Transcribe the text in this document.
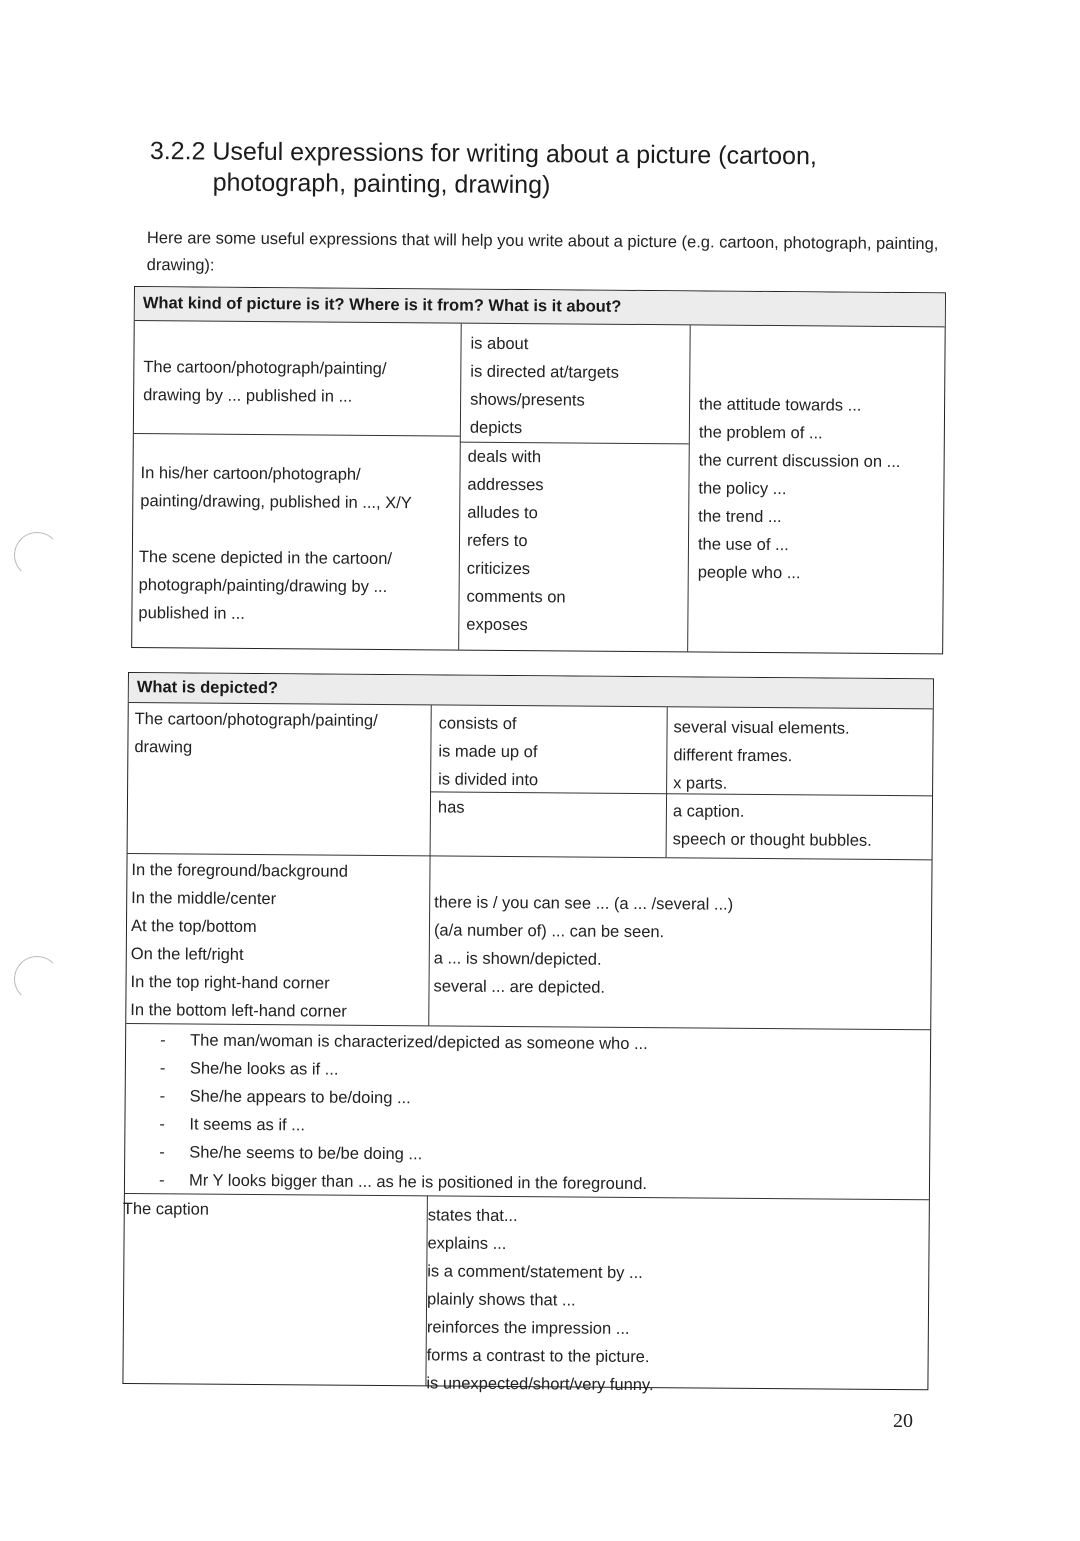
3.2.2 Useful expressions for writing about a picture (cartoon,
photograph, painting, drawing)
Here are some useful expressions that will help you write about a picture (e.g. cartoon, photograph, painting, drawing):
What kind of picture is it? Where is it from? What is it about?
The cartoon/photograph/painting/
drawing by ... published in ...
In his/her cartoon/photograph/
painting/drawing, published in ..., X/Y
The scene depicted in the cartoon/
photograph/painting/drawing by ...
published in ...
is about
is directed at/targets
shows/presents
depicts
deals with
addresses
alludes to
refers to
criticizes
comments on
exposes
the attitude towards ...
the problem of ...
the current discussion on ...
the policy ...
the trend ...
the use of ...
people who ...
What is depicted?
The cartoon/photograph/painting/
drawing
consists of
is made up of
is divided into
several visual elements.
different frames.
x parts.
has	a caption.
speech or thought bubbles.
In the foreground/background
In the middle/center
At the top/bottom
On the left/right
In the top right-hand corner
In the bottom left-hand corner
there is / you can see ... (a ... /several ...)
(a/a number of) ... can be seen.
a ... is shown/depicted.
several ... are depicted.
- The man/woman is characterized/depicted as someone who ...
- She/he looks as if ...
- She/he appears to be/doing ...
- It seems as if ...
- She/he seems to be/be doing ...
- Mr Y looks bigger than ... as he is positioned in the foreground.
The caption	states that...
explains ...
is a comment/statement by ...
plainly shows that ...
reinforces the impression ...
forms a contrast to the picture.
is unexpected/short/very funny.
20
